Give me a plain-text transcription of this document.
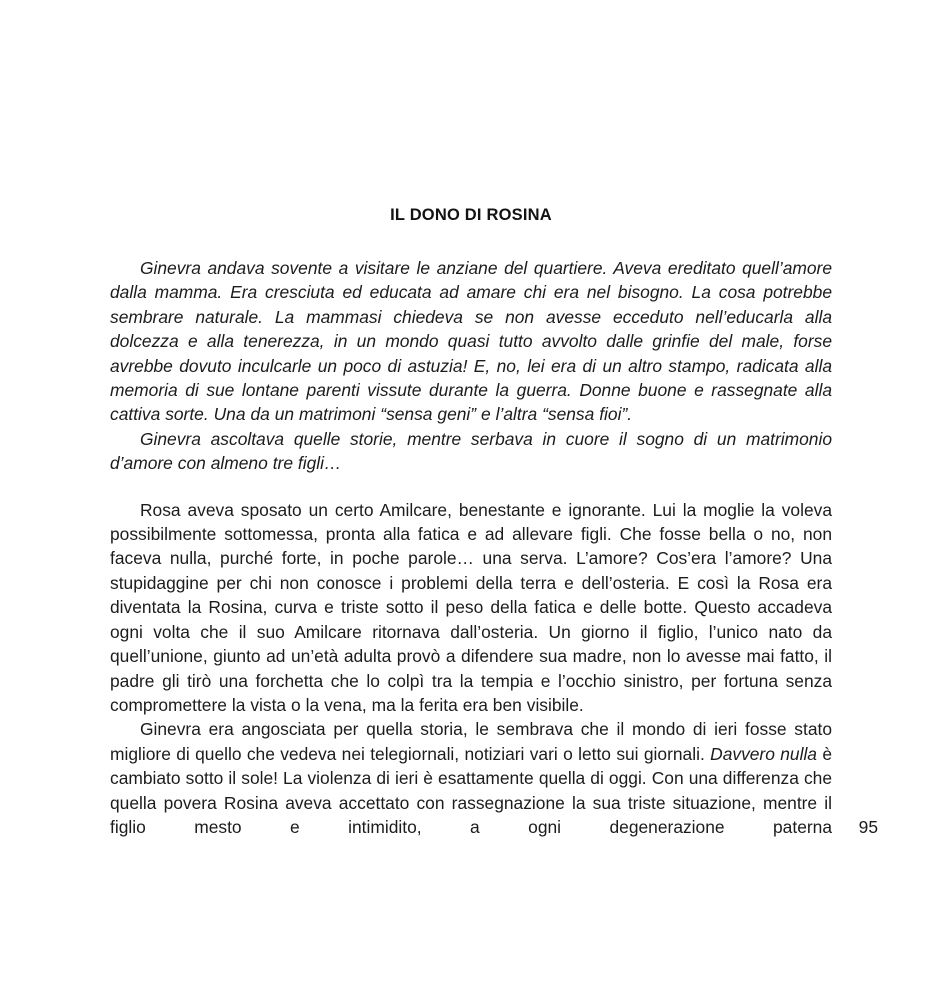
IL DONO DI ROSINA

Ginevra andava sovente a visitare le anziane del quartiere. Aveva ereditato quell’amore dalla mamma. Era cresciuta ed educata ad amare chi era nel bisogno. La cosa potrebbe sembrare naturale. La mammasi chiedeva se non avesse ecceduto nell’educarla alla dolcezza e alla tenerezza, in un mondo quasi tutto avvolto dalle grinfie del male, forse avrebbe dovuto inculcarle un poco di astuzia! E, no, lei era di un altro stampo, radicata alla memoria di sue lontane parenti vissute durante la guerra. Donne buone e rassegnate alla cattiva sorte. Una da un matrimoni “sensa geni” e l’altra “sensa fioi”.

Ginevra ascoltava quelle storie, mentre serbava in cuore il sogno di un matrimonio d’amore con almeno tre figli…

Rosa aveva sposato un certo Amilcare, benestante e ignorante. Lui la moglie la voleva possibilmente sottomessa, pronta alla fatica e ad allevare figli. Che fosse bella o no, non faceva nulla, purché forte, in poche parole… una serva. L’amore? Cos’era l’amore? Una stupidaggine per chi non conosce i problemi della terra e dell’osteria. E così la Rosa era diventata la Rosina, curva e triste sotto il peso della fatica e delle botte. Questo accadeva ogni volta che il suo Amilcare ritornava dall’osteria. Un giorno il figlio, l’unico nato da quell’unione, giunto ad un’età adulta provò a difendere sua madre, non lo avesse mai fatto, il padre gli tirò una forchetta che lo colpì tra la tempia e l’occhio sinistro, per fortuna senza compromettere la vista o la vena, ma la ferita era ben visibile.

Ginevra era angosciata per quella storia, le sembrava che il mondo di ieri fosse stato migliore di quello che vedeva nei telegiornali, notiziari vari o letto sui giornali. Davvero nulla è cambiato sotto il sole! La violenza di ieri è esattamente quella di oggi. Con una differenza che quella povera Rosina aveva accettato con rassegnazione la sua triste situazione, mentre il figlio mesto e intimidito, a ogni degenerazione paterna 95
